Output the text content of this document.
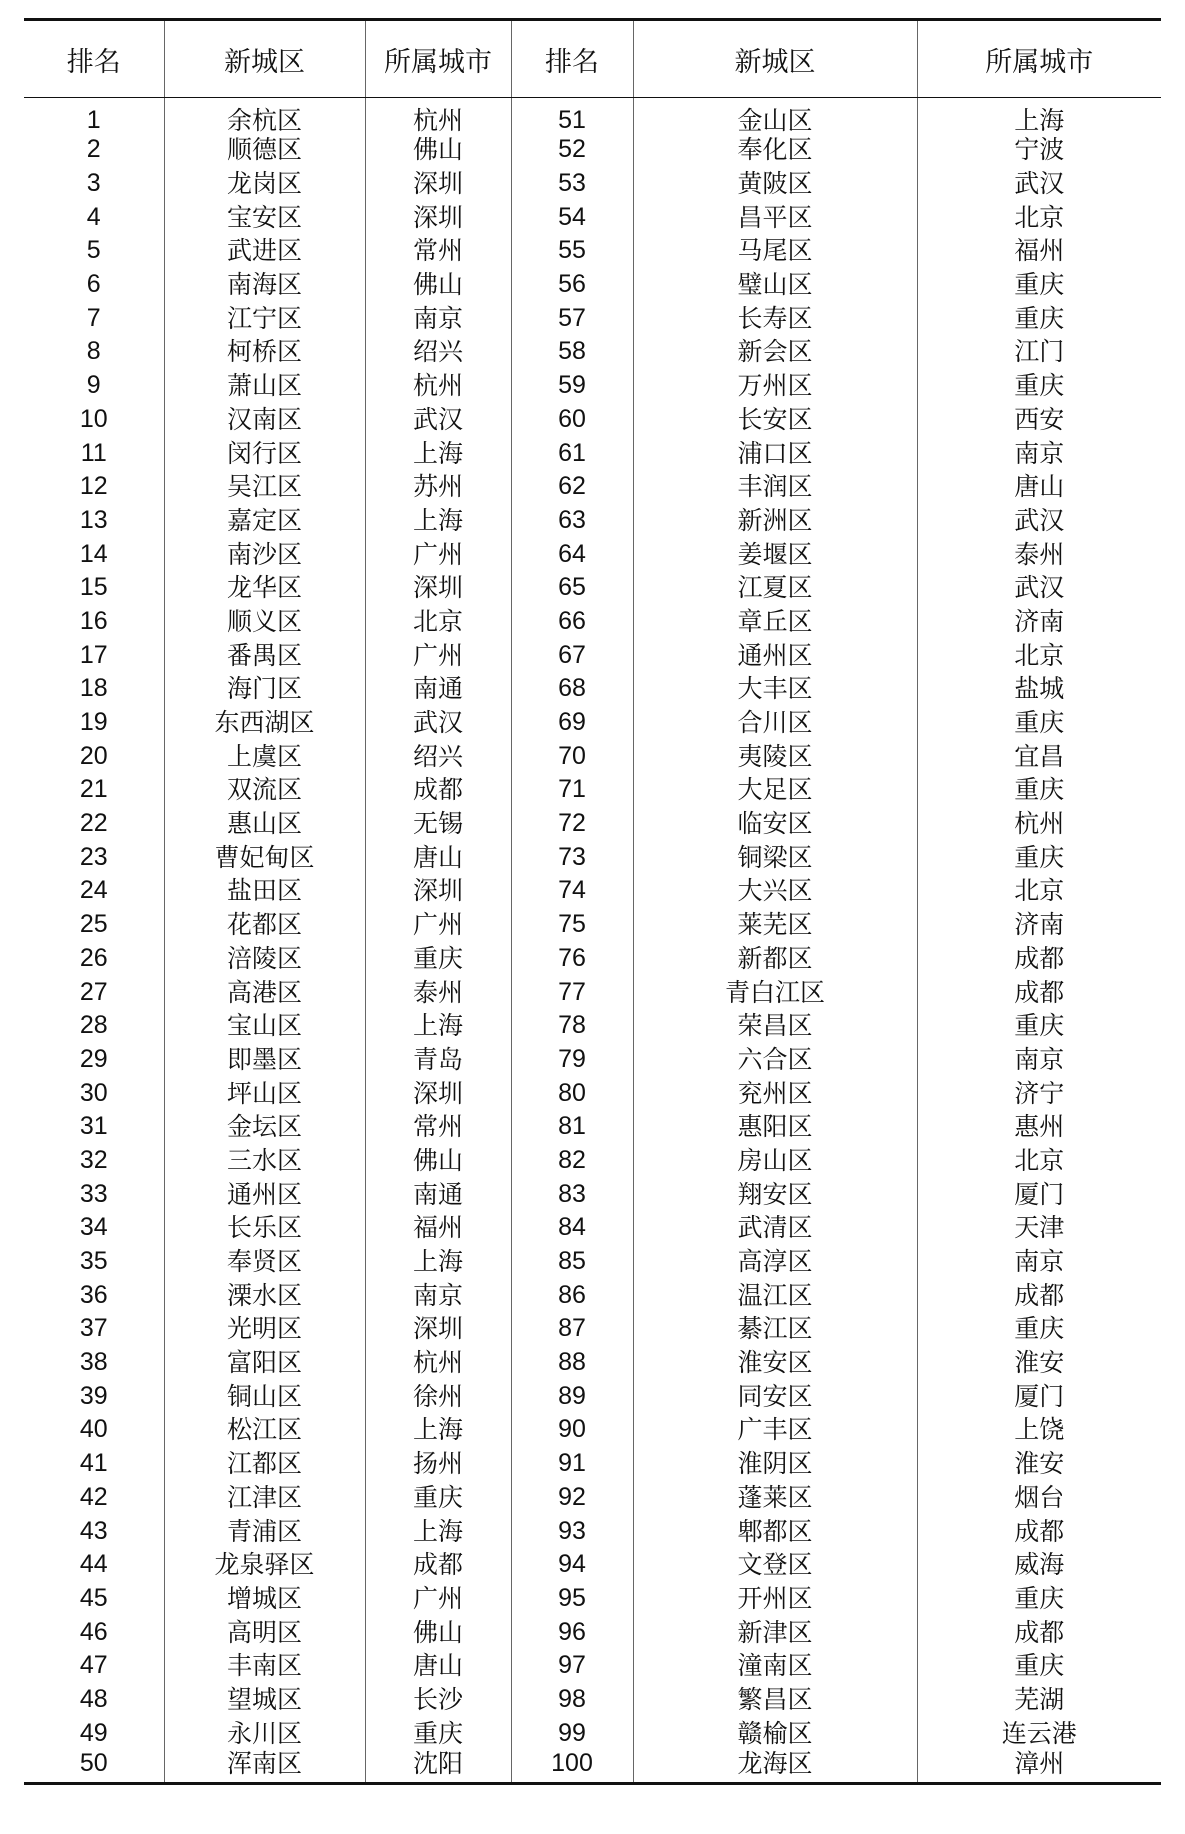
排名	新城区	所属城市	排名	新城区	所属城市
1	余杭区	杭州	51	金山区	上海
2	顺德区	佛山	52	奉化区	宁波
3	龙岗区	深圳	53	黄陂区	武汉
4	宝安区	深圳	54	昌平区	北京
5	武进区	常州	55	马尾区	福州
6	南海区	佛山	56	璧山区	重庆
7	江宁区	南京	57	长寿区	重庆
8	柯桥区	绍兴	58	新会区	江门
9	萧山区	杭州	59	万州区	重庆
10	汉南区	武汉	60	长安区	西安
11	闵行区	上海	61	浦口区	南京
12	吴江区	苏州	62	丰润区	唐山
13	嘉定区	上海	63	新洲区	武汉
14	南沙区	广州	64	姜堰区	泰州
15	龙华区	深圳	65	江夏区	武汉
16	顺义区	北京	66	章丘区	济南
17	番禺区	广州	67	通州区	北京
18	海门区	南通	68	大丰区	盐城
19	东西湖区	武汉	69	合川区	重庆
20	上虞区	绍兴	70	夷陵区	宜昌
21	双流区	成都	71	大足区	重庆
22	惠山区	无锡	72	临安区	杭州
23	曹妃甸区	唐山	73	铜梁区	重庆
24	盐田区	深圳	74	大兴区	北京
25	花都区	广州	75	莱芜区	济南
26	涪陵区	重庆	76	新都区	成都
27	高港区	泰州	77	青白江区	成都
28	宝山区	上海	78	荣昌区	重庆
29	即墨区	青岛	79	六合区	南京
30	坪山区	深圳	80	兖州区	济宁
31	金坛区	常州	81	惠阳区	惠州
32	三水区	佛山	82	房山区	北京
33	通州区	南通	83	翔安区	厦门
34	长乐区	福州	84	武清区	天津
35	奉贤区	上海	85	高淳区	南京
36	溧水区	南京	86	温江区	成都
37	光明区	深圳	87	綦江区	重庆
38	富阳区	杭州	88	淮安区	淮安
39	铜山区	徐州	89	同安区	厦门
40	松江区	上海	90	广丰区	上饶
41	江都区	扬州	91	淮阴区	淮安
42	江津区	重庆	92	蓬莱区	烟台
43	青浦区	上海	93	郫都区	成都
44	龙泉驿区	成都	94	文登区	威海
45	增城区	广州	95	开州区	重庆
46	高明区	佛山	96	新津区	成都
47	丰南区	唐山	97	潼南区	重庆
48	望城区	长沙	98	繁昌区	芜湖
49	永川区	重庆	99	赣榆区	连云港
50	浑南区	沈阳	100	龙海区	漳州
